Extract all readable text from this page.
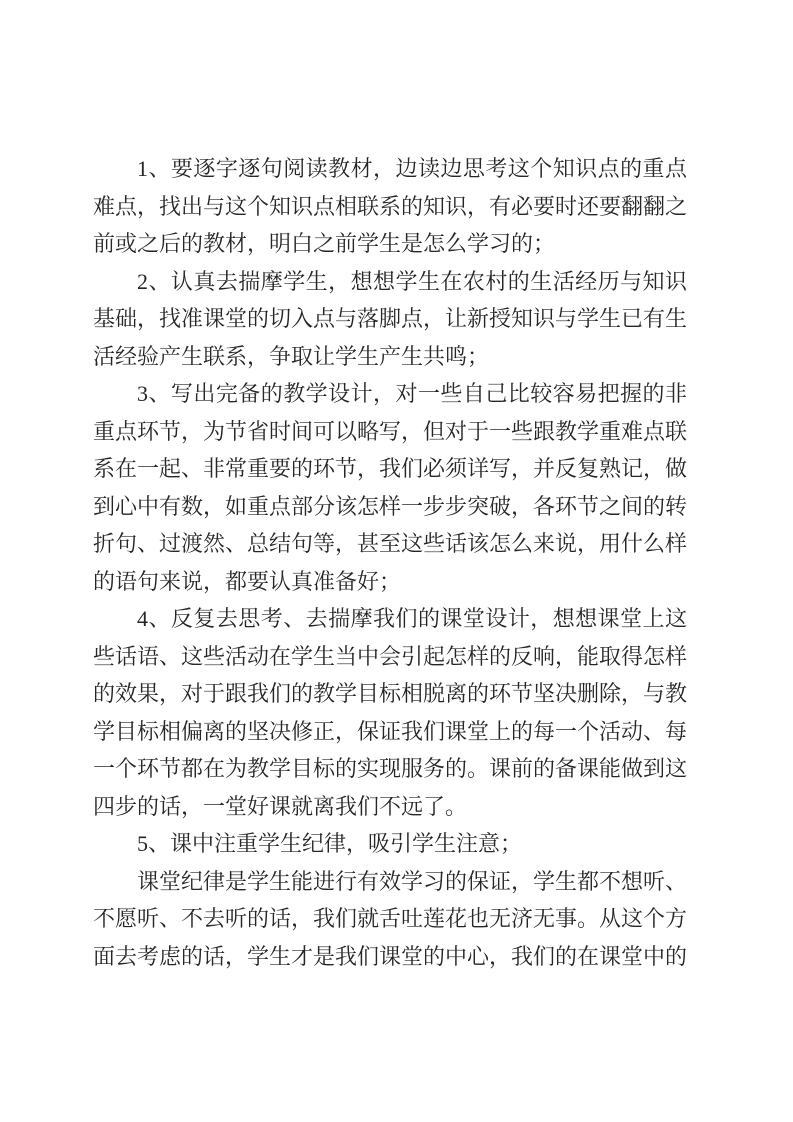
1、要逐字逐句阅读教材，边读边思考这个知识点的重点难点，找出与这个知识点相联系的知识，有必要时还要翻翻之前或之后的教材，明白之前学生是怎么学习的；

2、认真去揣摩学生，想想学生在农村的生活经历与知识基础，找准课堂的切入点与落脚点，让新授知识与学生已有生活经验产生联系，争取让学生产生共鸣；

3、写出完备的教学设计，对一些自己比较容易把握的非重点环节，为节省时间可以略写，但对于一些跟教学重难点联系在一起、非常重要的环节，我们必须详写，并反复熟记，做到心中有数，如重点部分该怎样一步步突破，各环节之间的转折句、过渡然、总结句等，甚至这些话该怎么来说，用什么样的语句来说，都要认真准备好；

4、反复去思考、去揣摩我们的课堂设计，想想课堂上这些话语、这些活动在学生当中会引起怎样的反响，能取得怎样的效果，对于跟我们的教学目标相脱离的环节坚决删除，与教学目标相偏离的坚决修正，保证我们课堂上的每一个活动、每一个环节都在为教学目标的实现服务的。课前的备课能做到这四步的话，一堂好课就离我们不远了。

5、课中注重学生纪律，吸引学生注意；

课堂纪律是学生能进行有效学习的保证，学生都不想听、不愿听、不去听的话，我们就舌吐莲花也无济无事。从这个方面去考虑的话，学生才是我们课堂的中心，我们的在课堂中的
